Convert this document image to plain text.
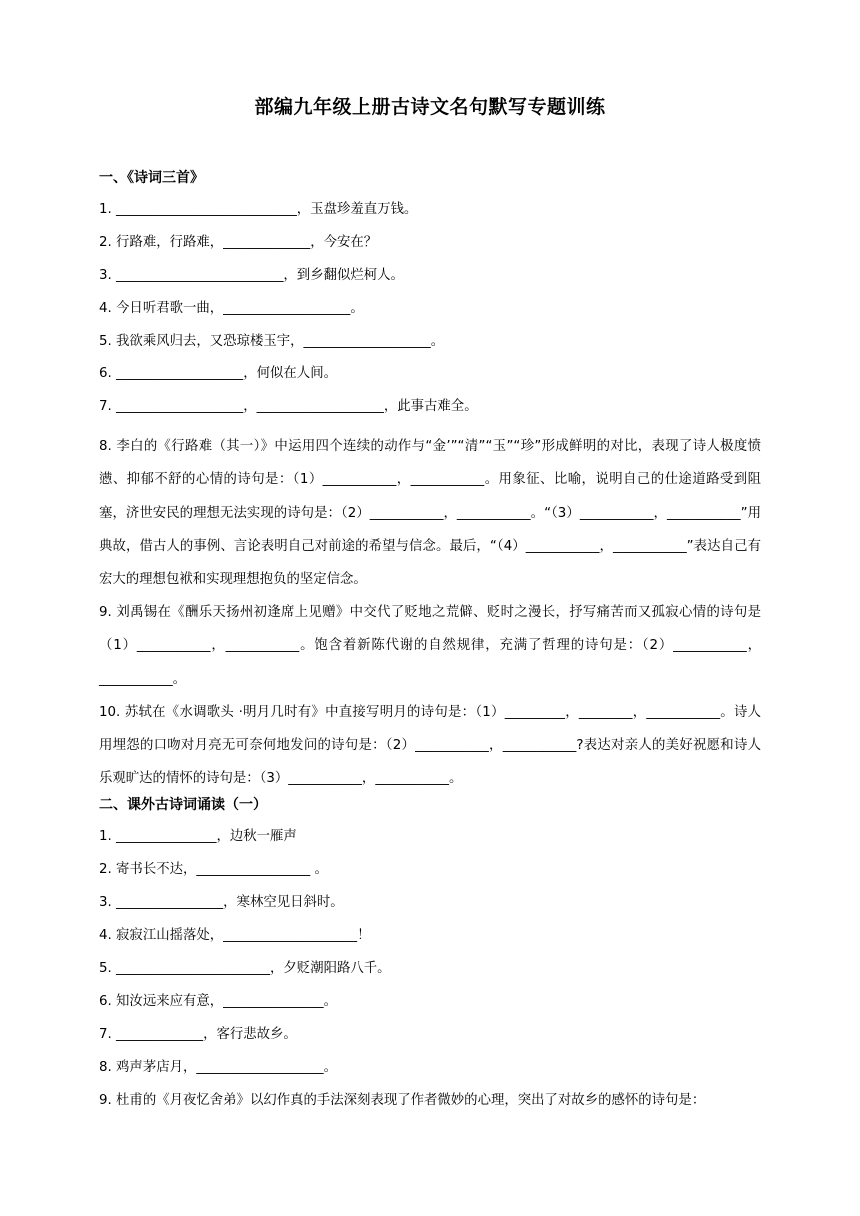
部编九年级上册古诗文名句默写专题训练
一、《诗词三首》
1. ___________________________，玉盘珍羞直万钱。
2. 行路难，行路难，_____________，今安在？
3. _________________________，到乡翻似烂柯人。
4. 今日听君歌一曲，___________________。
5. 我欲乘风归去，又恐琼楼玉宇，___________________。
6. ___________________，何似在人间。
7. ___________________，___________________，此事古难全。
8. 李白的《行路难（其一）》中运用四个连续的动作与“金’”“清”“玉”“珍”形成鲜明的对比，表现了诗人极度愤懑、抑郁不舒的心情的诗句是：（1）___________，___________。用象征、比喻，说明自己的仕途道路受到阻塞，济世安民的理想无法实现的诗句是：（2）___________，___________。“（3）___________，___________”用典故，借古人的事例、言论表明自己对前途的希望与信念。最后，“（4）___________，___________”表达自己有宏大的理想包袱和实现理想抱负的坚定信念。
9. 刘禹锡在《酬乐天扬州初逢席上见赠》中交代了贬地之荒僻、贬时之漫长，抒写痛苦而又孤寂心情的诗句是（1）___________，___________。饱含着新陈代谢的自然规律，充满了哲理的诗句是：（2）___________，___________。
10. 苏轼在《水调歌头 ·明月几时有》中直接写明月的诗句是：（1）_________，________，___________。诗人用埋怨的口吻对月亮无可奈何地发问的诗句是：（2）___________，___________?表达对亲人的美好祝愿和诗人乐观旷达的情怀的诗句是：（3）___________，___________。
二、课外古诗词诵读（一）
1. _______________，边秋一雁声
2. 寄书长不达，_________________ 。
3. ________________，寒林空见日斜时。
4. 寂寂江山摇落处，____________________！
5. _______________________，夕贬潮阳路八千。
6. 知汝远来应有意，_______________。
7. _____________，客行悲故乡。
8. 鸡声茅店月，___________________。
9. 杜甫的《月夜忆舍弟》以幻作真的手法深刻表现了作者微妙的心理，突出了对故乡的感怀的诗句是：
